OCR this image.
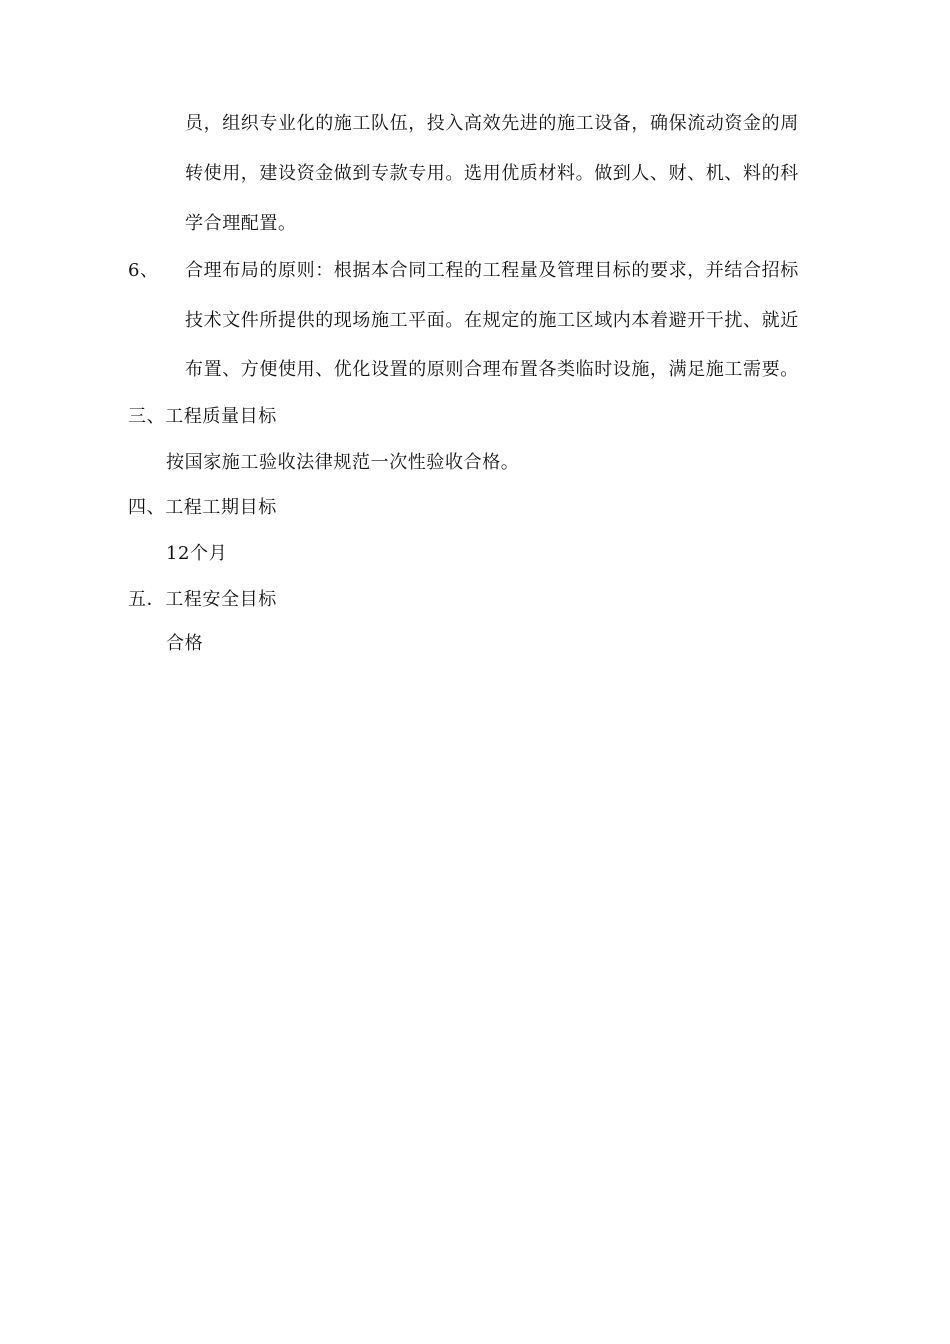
员，组织专业化的施工队伍，投入高效先进的施工设备，确保流动资金的周
转使用，建设资金做到专款专用。选用优质材料。做到人、财、机、料的科
学合理配置。
6、 合理布局的原则：根据本合同工程的工程量及管理目标的要求，并结合招标
技术文件所提供的现场施工平面。在规定的施工区域内本着避开干扰、就近
布置、方便使用、优化设置的原则合理布置各类临时设施，满足施工需要。
三、工程质量目标
按国家施工验收法律规范一次性验收合格。
四、工程工期目标
12个月
五．工程安全目标
合格
